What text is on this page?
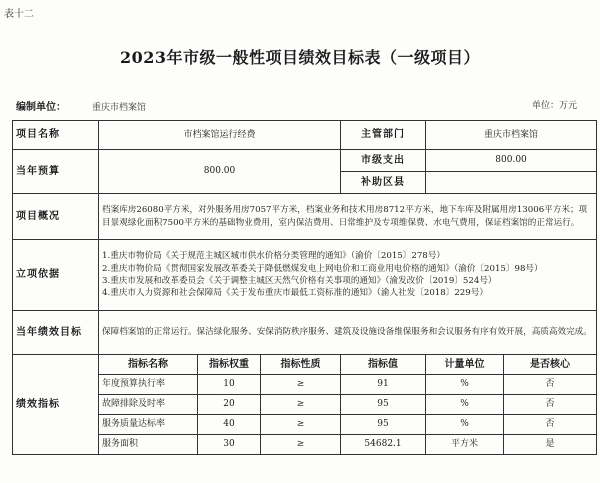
表十二
2023年市级一般性项目绩效目标表（一级项目）
编制单位：	重庆市档案馆	单位：万元
项目名称	市档案馆运行经费			主管部门	重庆市档案馆	
当年预算	800.00			市级支出	800.00	
				补助区县		
项目概况	档案库房26080平方米，对外服务用房7057平方米，档案业务和技术用房8712平方米，地下车库及附属用房13006平方米；项目景观绿化面积7500平方米的基础物业费用，室内保洁费用、日常维护及专项维保费、水电气费用，保证档案馆的正常运行。					
立项依据	1.重庆市物价局《关于规范主城区城市供水价格分类管理的通知》（渝价〔2015〕278号）
2.重庆市物价局《贯彻国家发展改革委关于降低燃煤发电上网电价和工商业用电价格的通知》（渝价〔2015〕98号）
3.重庆市发展和改革委员会《关于调整主城区天然气价格有关事项的通知》（渝发改价〔2019〕524号）
4.重庆市人力资源和社会保障局《关于发布重庆市最低工资标准的通知》（渝人社发〔2018〕229号）					

当年绩效目标	保障档案馆的正常运行。保洁绿化服务、安保消防秩序服务、建筑及设施设备维保服务和会议服务有序有效开展，高质高效完成。					
绩效指标	指标名称	指标权重	指标性质	指标值	计量单位	是否核心
	年度预算执行率	10	≥	91	%	否
	故障排除及时率	20	≥	95	%	否
	服务质量达标率	40	≥	95	%	否
	服务面积	30	≥	54682.1	平方米	是
